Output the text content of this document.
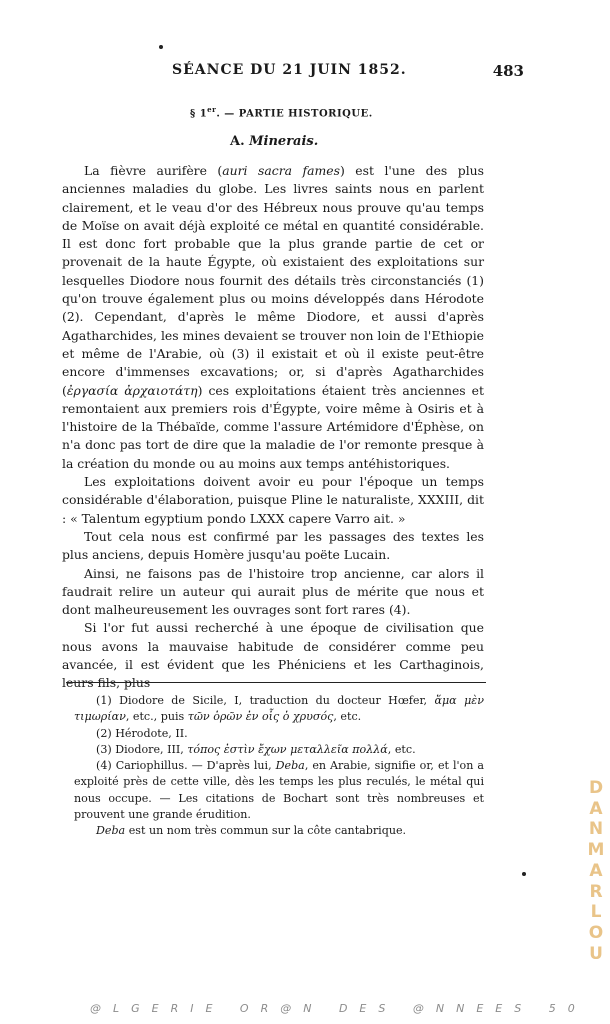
SÉANCE DU 21 JUIN 1852.	483
§ 1er. — PARTIE HISTORIQUE.
A. Minerais.

La fièvre aurifère (auri sacra fames) est l'une des plus anciennes maladies du globe. Les livres saints nous en parlent clairement, et le veau d'or des Hébreux nous prouve qu'au temps de Moïse on avait déjà exploité ce métal en quantité considérable. Il est donc fort probable que la plus grande partie de cet or provenait de la haute Égypte, où existaient des exploitations sur lesquelles Diodore nous fournit des détails très circonstanciés (1) qu'on trouve également plus ou moins développés dans Hérodote (2). Cependant, d'après le même Diodore, et aussi d'après Agatharchides, les mines devaient se trouver non loin de l'Ethiopie et même de l'Arabie, où (3) il existait et où il existe peut-être encore d'immenses excavations; or, si d'après Agatharchides (ἐργασία ἀρχαιοτάτη) ces exploitations étaient très anciennes et remontaient aux premiers rois d'Égypte, voire même à Osiris et à l'histoire de la Thébaïde, comme l'assure Artémidore d'Éphèse, on n'a donc pas tort de dire que la maladie de l'or remonte presque à la création du monde ou au moins aux temps antéhistoriques.

Les exploitations doivent avoir eu pour l'époque un temps considérable d'élaboration, puisque Pline le naturaliste, XXXIII, dit : « Talentum egyptium pondo LXXX capere Varro ait. »

Tout cela nous est confirmé par les passages des textes les plus anciens, depuis Homère jusqu'au poëte Lucain.

Ainsi, ne faisons pas de l'histoire trop ancienne, car alors il faudrait relire un auteur qui aurait plus de mérite que nous et dont malheureusement les ouvrages sont fort rares (4).

Si l'or fut aussi recherché à une époque de civilisation que nous avons la mauvaise habitude de considérer comme peu avancée, il est évident que les Phéniciens et les Carthaginois, leurs fils, plus

(1) Diodore de Sicile, I, traduction du docteur Hœfer, ἅμα μὲν τιμωρίαν, etc., puis τῶν ὁρῶν ἐν οἷς ὁ χρυσός, etc.

(2) Hérodote, II.

(3) Diodore, III, τόπος ἐστὶν ἔχων μεταλλεῖα πολλά, etc.

(4) Cariophillus. — D'après lui, Deba, en Arabie, signifie or, et l'on a exploité près de cette ville, dès les temps les plus reculés, le métal qui nous occupe. — Les citations de Bochart sont très nombreuses et prouvent une grande érudition.

Deba est un nom très commun sur la côte cantabrique.

D
A
N
M
A
R
L
O
U
@LGERIE OR@N DES @NNEES 50
